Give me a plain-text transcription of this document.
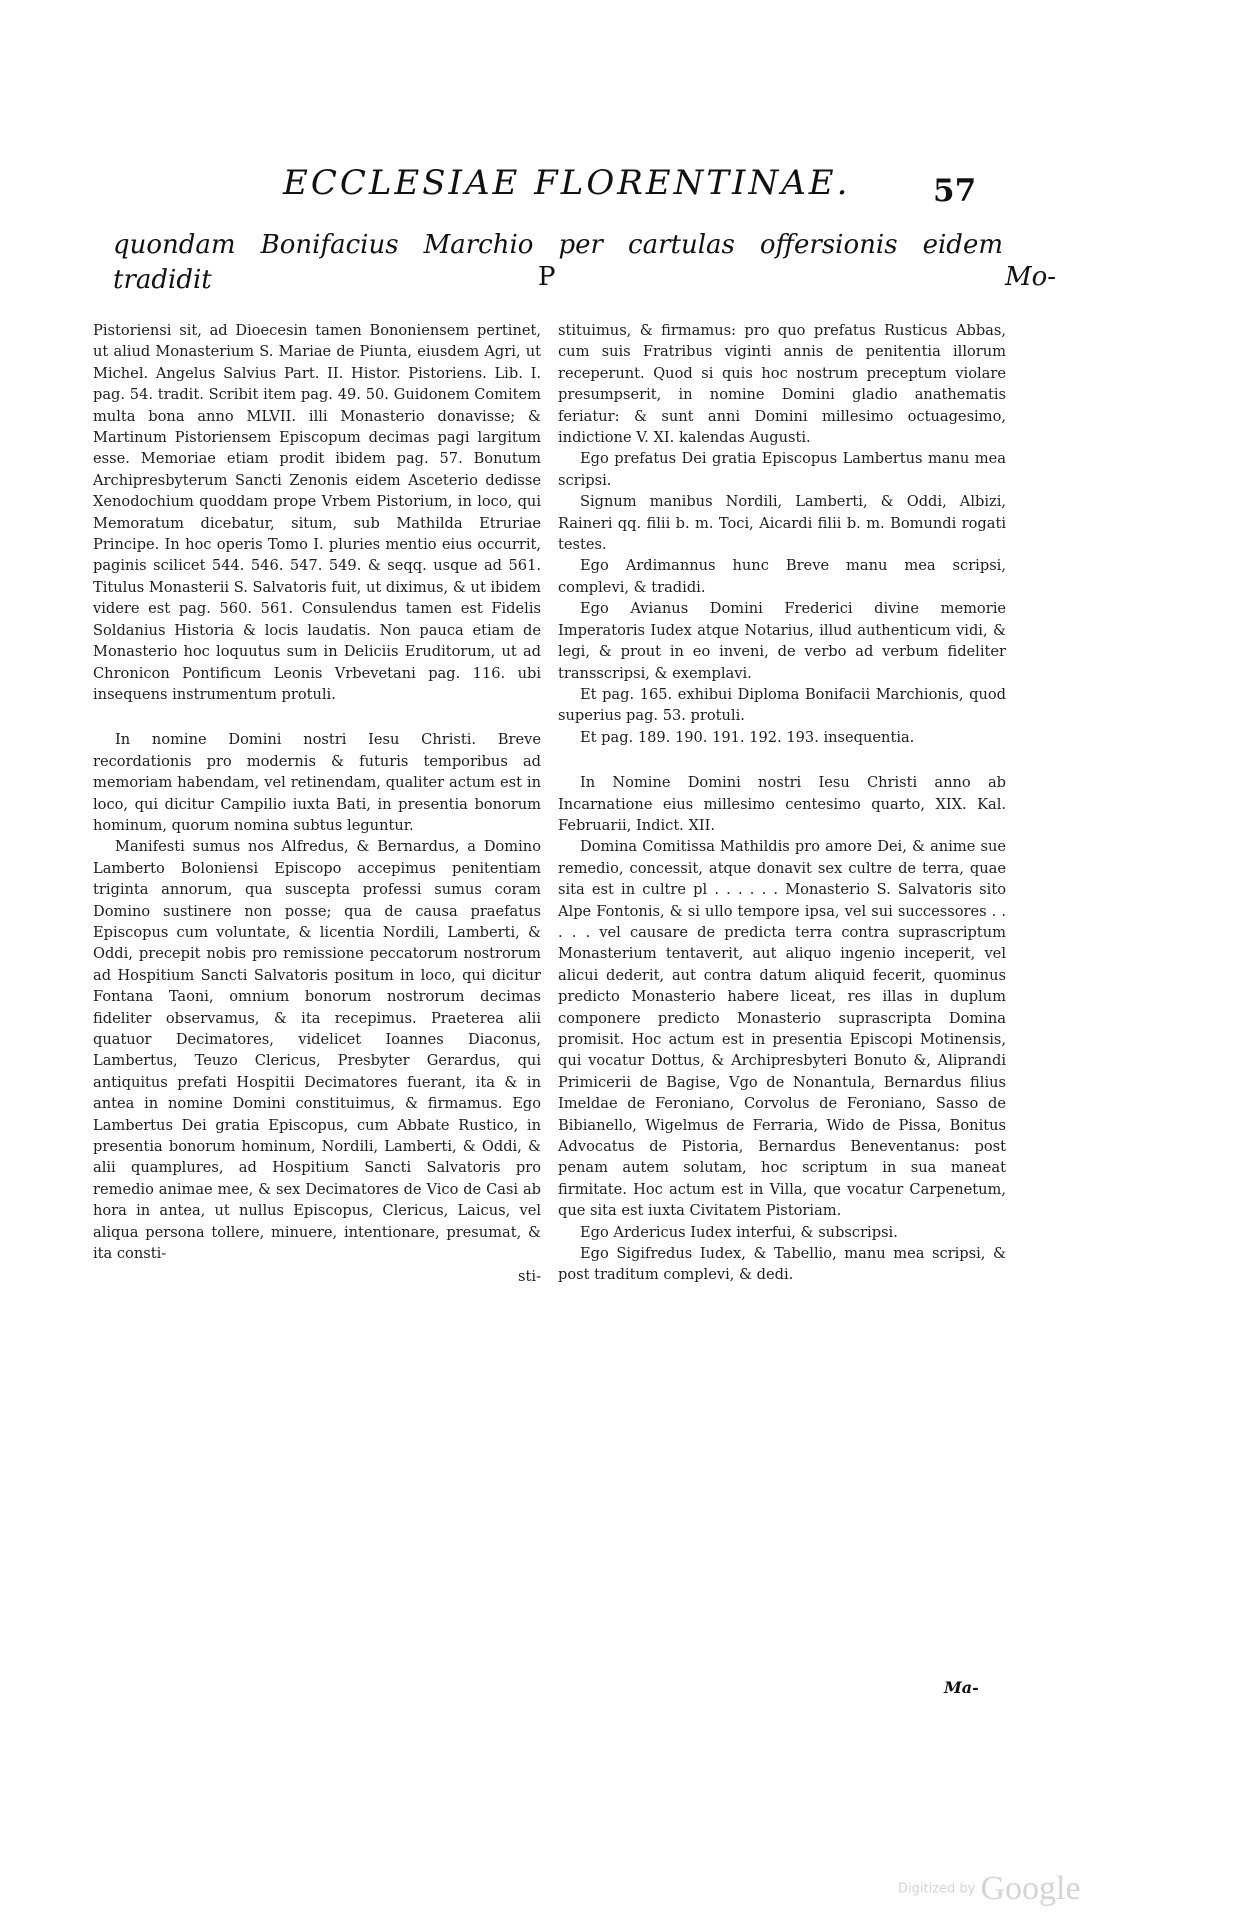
ECCLESIAE FLORENTINAE.	57
quondam Bonifacius Marchio per cartulas offersionis eidem tradidit	P	Mo-

Pistoriensi sit, ad Dioecesin tamen Bononiensem pertinet, ut aliud Monasterium S. Mariae de Piunta, eiusdem Agri, ut Michel. Angelus Salvius Part. II. Histor. Pistoriens. Lib. I. pag. 54. tradit. Scribit item pag. 49. 50. Guidonem Comitem multa bona anno MLVII. illi Monasterio donavisse; & Martinum Pistoriensem Episcopum decimas pagi largitum esse. Memoriae etiam prodit ibidem pag. 57. Bonutum Archipresbyterum Sancti Zenonis eidem Asceterio dedisse Xenodochium quoddam prope Vrbem Pistorium, in loco, qui Memoratum dicebatur, situm, sub Mathilda Etruriae Principe. In hoc operis Tomo I. pluries mentio eius occurrit, paginis scilicet 544. 546. 547. 549. & seqq. usque ad 561. Titulus Monasterii S. Salvatoris fuit, ut diximus, & ut ibidem videre est pag. 560. 561. Consulendus tamen est Fidelis Soldanius Historia & locis laudatis. Non pauca etiam de Monasterio hoc loquutus sum in Deliciis Eruditorum, ut ad Chronicon Pontificum Leonis Vrbevetani pag. 116. ubi insequens instrumentum protuli.

In nomine Domini nostri Iesu Christi. Breve recordationis pro modernis & futuris temporibus ad memoriam habendam, vel retinendam, qualiter actum est in loco, qui dicitur Campilio iuxta Bati, in presentia bonorum hominum, quorum nomina subtus leguntur.

Manifesti sumus nos Alfredus, & Bernardus, a Domino Lamberto Boloniensi Episcopo accepimus penitentiam triginta annorum, qua suscepta professi sumus coram Domino sustinere non posse; qua de causa praefatus Episcopus cum voluntate, & licentia Nordili, Lamberti, & Oddi, precepit nobis pro remissione peccatorum nostrorum ad Hospitium Sancti Salvatoris positum in loco, qui dicitur Fontana Taoni, omnium bonorum nostrorum decimas fideliter observamus, & ita recepimus. Praeterea alii quatuor Decimatores, videlicet Ioannes Diaconus, Lambertus, Teuzo Clericus, Presbyter Gerardus, qui antiquitus prefati Hospitii Decimatores fuerant, ita & in antea in nomine Domini constituimus, & firmamus. Ego Lambertus Dei gratia Episcopus, cum Abbate Rustico, in presentia bonorum hominum, Nordili, Lamberti, & Oddi, & alii quamplures, ad Hospitium Sancti Salvatoris pro remedio animae mee, & sex Decimatores de Vico de Casi ab hora in antea, ut nullus Episcopus, Clericus, Laicus, vel aliqua persona tollere, minuere, intentionare, presumat, & ita consti-

sti-

stituimus, & firmamus: pro quo prefatus Rusticus Abbas, cum suis Fratribus viginti annis de penitentia illorum receperunt. Quod si quis hoc nostrum preceptum violare presumpserit, in nomine Domini gladio anathematis feriatur: & sunt anni Domini millesimo octuagesimo, indictione V. XI. kalendas Augusti.

Ego prefatus Dei gratia Episcopus Lambertus manu mea scripsi.

Signum manibus Nordili, Lamberti, & Oddi, Albizi, Raineri qq. filii b. m. Toci, Aicardi filii b. m. Bomundi rogati testes.

Ego Ardimannus hunc Breve manu mea scripsi, complevi, & tradidi.

Ego Avianus Domini Frederici divine memorie Imperatoris Iudex atque Notarius, illud authenticum vidi, & legi, & prout in eo inveni, de verbo ad verbum fideliter transscripsi, & exemplavi.

Et pag. 165. exhibui Diploma Bonifacii Marchionis, quod superius pag. 53. protuli.

Et pag. 189. 190. 191. 192. 193. insequentia.

In Nomine Domini nostri Iesu Christi anno ab Incarnatione eius millesimo centesimo quarto, XIX. Kal. Februarii, Indict. XII.

Domina Comitissa Mathildis pro amore Dei, & anime sue remedio, concessit, atque donavit sex cultre de terra, quae sita est in cultre pl . . . . . . Monasterio S. Salvatoris sito Alpe Fontonis, & si ullo tempore ipsa, vel sui successores . . . . . vel causare de predicta terra contra suprascriptum Monasterium tentaverit, aut aliquo ingenio inceperit, vel alicui dederit, aut contra datum aliquid fecerit, quominus predicto Monasterio habere liceat, res illas in duplum componere predicto Monasterio suprascripta Domina promisit. Hoc actum est in presentia Episcopi Motinensis, qui vocatur Dottus, & Archipresbyteri Bonuto &, Aliprandi Primicerii de Bagise, Vgo de Nonantula, Bernardus filius Imeldae de Feroniano, Corvolus de Feroniano, Sasso de Bibianello, Wigelmus de Ferraria, Wido de Pissa, Bonitus Advocatus de Pistoria, Bernardus Beneventanus: post penam autem solutam, hoc scriptum in sua maneat firmitate. Hoc actum est in Villa, que vocatur Carpenetum, que sita est iuxta Civitatem Pistoriam.

Ego Ardericus Iudex interfui, & subscripsi.

Ego Sigifredus Iudex, & Tabellio, manu mea scripsi, & post traditum complevi, & dedi.

Ma-
Digitized by Google
